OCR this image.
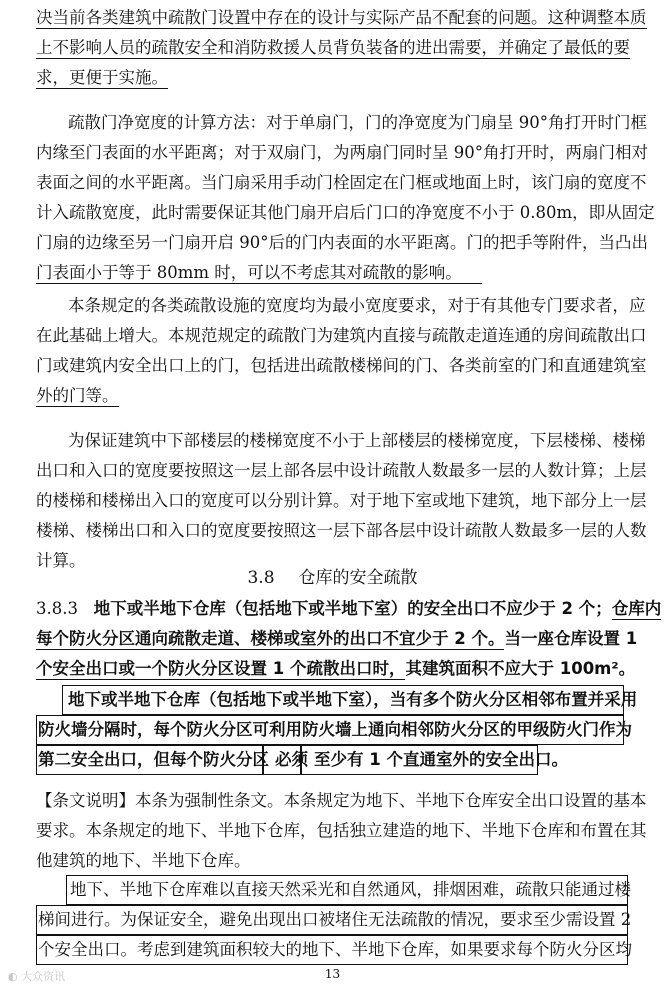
决当前各类建筑中疏散门设置中存在的设计与实际产品不配套的问题。这种调整本质
上不影响人员的疏散安全和消防救援人员背负装备的进出需要，并确定了最低的要
求，更便于实施。
疏散门净宽度的计算方法：对于单扇门，门的净宽度为门扇呈 90°角打开时门框
内缘至门表面的水平距离；对于双扇门，为两扇门同时呈 90°角打开时，两扇门相对
表面之间的水平距离。当门扇采用手动门栓固定在门框或地面上时，该门扇的宽度不
计入疏散宽度，此时需要保证其他门扇开启后门口的净宽度不小于 0.80m，即从固定
门扇的边缘至另一门扇开启 90°后的门内表面的水平距离。门的把手等附件，当凸出
门表面小于等于 80mm 时，可以不考虑其对疏散的影响。
本条规定的各类疏散设施的宽度均为最小宽度要求，对于有其他专门要求者，应
在此基础上增大。本规范规定的疏散门为建筑内直接与疏散走道连通的房间疏散出口
门或建筑内安全出口上的门，包括进出疏散楼梯间的门、各类前室的门和直通建筑室
外的门等。
为保证建筑中下部楼层的楼梯宽度不小于上部楼层的楼梯宽度，下层楼梯、楼梯
出口和入口的宽度要按照这一层上部各层中设计疏散人数最多一层的人数计算；上层
的楼梯和楼梯出入口的宽度可以分别计算。对于地下室或地下建筑，地下部分上一层
楼梯、楼梯出口和入口的宽度要按照这一层下部各层中设计疏散人数最多一层的人数
计算。
3.8 仓库的安全疏散
3.8.3 地下或半地下仓库（包括地下或半地下室）的安全出口不应少于 2 个；仓库内
每个防火分区通向疏散走道、楼梯或室外的出口不宜少于 2 个。当一座仓库设置 1
个安全出口或一个防火分区设置 1 个疏散出口时，其建筑面积不应大于 100m²。
地下或半地下仓库（包括地下或半地下室），当有多个防火分区相邻布置并采用
防火墙分隔时，每个防火分区可利用防火墙上通向相邻防火分区的甲级防火门作为
第二安全出口，但每个防火分区 必须 至少有 1 个直通室外的安全出口。
【条文说明】本条为强制性条文。本条规定为地下、半地下仓库安全出口设置的基本
要求。本条规定的地下、半地下仓库，包括独立建造的地下、半地下仓库和布置在其
他建筑的地下、半地下仓库。
地下、半地下仓库难以直接天然采光和自然通风，排烟困难，疏散只能通过楼
梯间进行。为保证安全，避免出现出口被堵住无法疏散的情况，要求至少需设置 2
个安全出口。考虑到建筑面积较大的地下、半地下仓库，如果要求每个防火分区均
13
◐ 大众资讯
